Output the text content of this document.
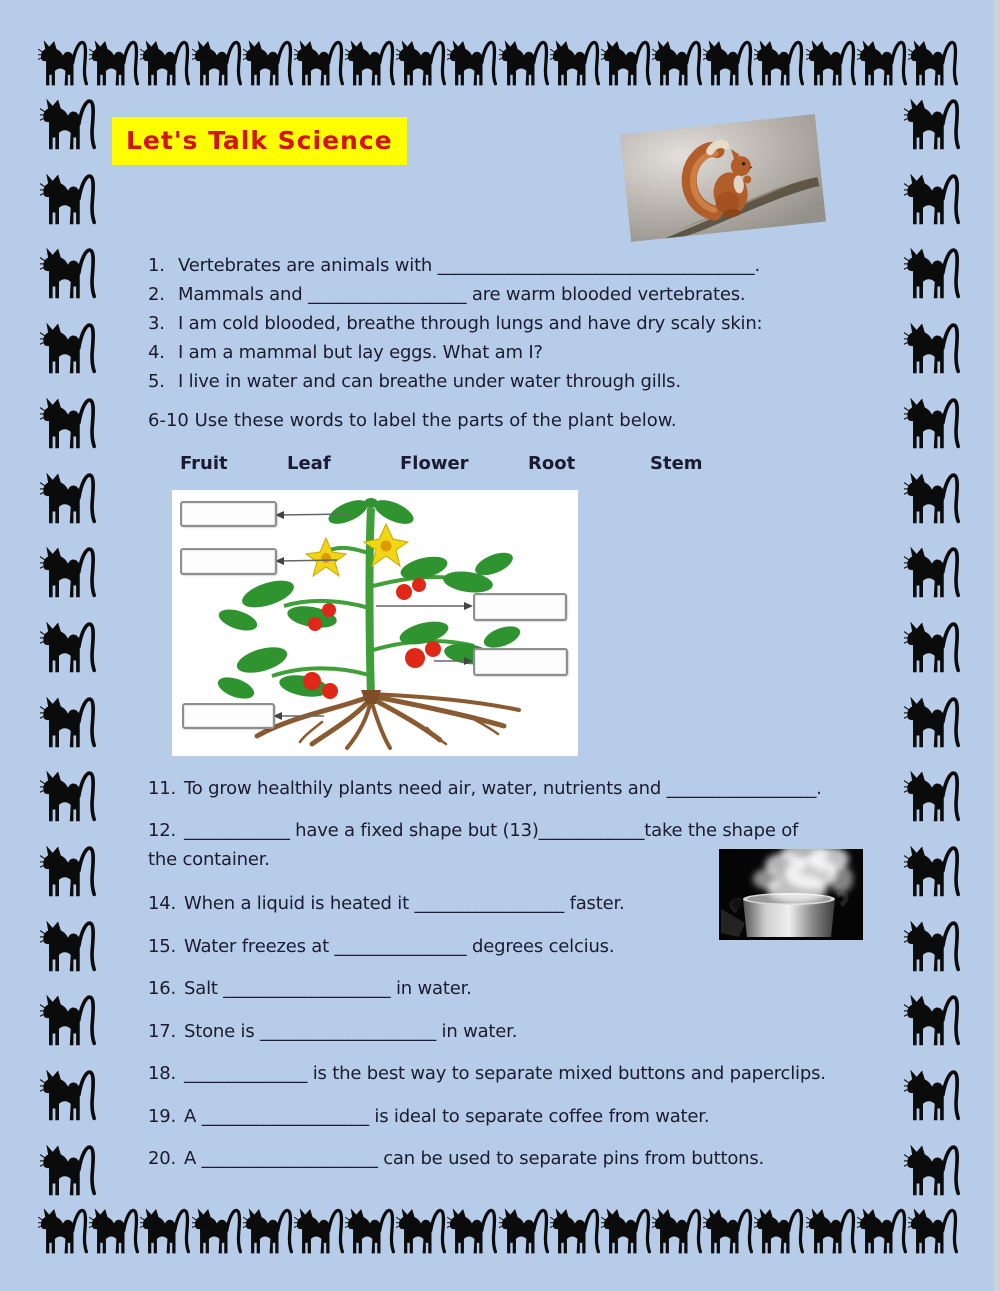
Let's Talk Science
1. Vertebrates are animals with ____________________________________.
2. Mammals and __________________ are warm blooded vertebrates.
3. I am cold blooded, breathe through lungs and have dry scaly skin:
4. I am a mammal but lay eggs. What am I?
5. I live in water and can breathe under water through gills.
6-10 Use these words to label the parts of the plant below.
Fruit	Leaf	Flower	Root	Stem
11. To grow healthily plants need air, water, nutrients and _________________.
12. ____________ have a fixed shape but (13)____________take the shape of
the container.
14. When a liquid is heated it _________________ faster.
15. Water freezes at _______________ degrees celcius.
16. Salt ___________________ in water.
17. Stone is ____________________ in water.
18. ______________ is the best way to separate mixed buttons and paperclips.
19. A ___________________ is ideal to separate coffee from water.
20. A ____________________ can be used to separate pins from buttons.
